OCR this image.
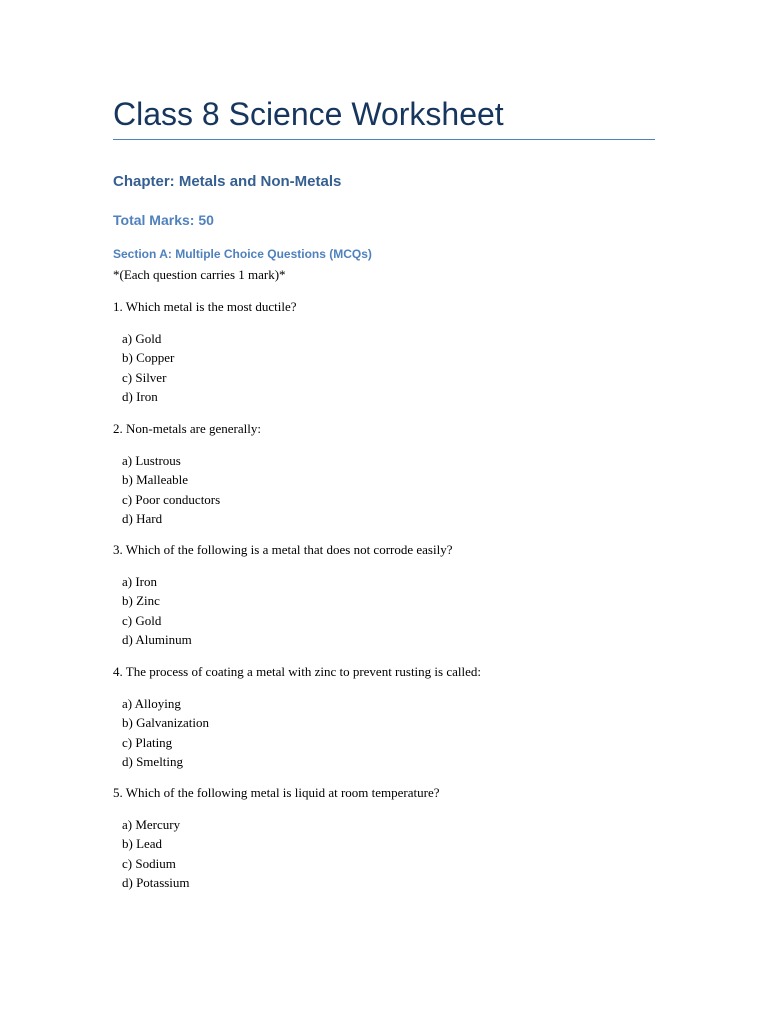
Class 8 Science Worksheet
Chapter: Metals and Non-Metals
Total Marks: 50
Section A: Multiple Choice Questions (MCQs)
*(Each question carries 1 mark)*
1. Which metal is the most ductile?
a) Gold
b) Copper
c) Silver
d) Iron
2. Non-metals are generally:
a) Lustrous
b) Malleable
c) Poor conductors
d) Hard
3. Which of the following is a metal that does not corrode easily?
a) Iron
b) Zinc
c) Gold
d) Aluminum
4. The process of coating a metal with zinc to prevent rusting is called:
a) Alloying
b) Galvanization
c) Plating
d) Smelting
5. Which of the following metal is liquid at room temperature?
a) Mercury
b) Lead
c) Sodium
d) Potassium
